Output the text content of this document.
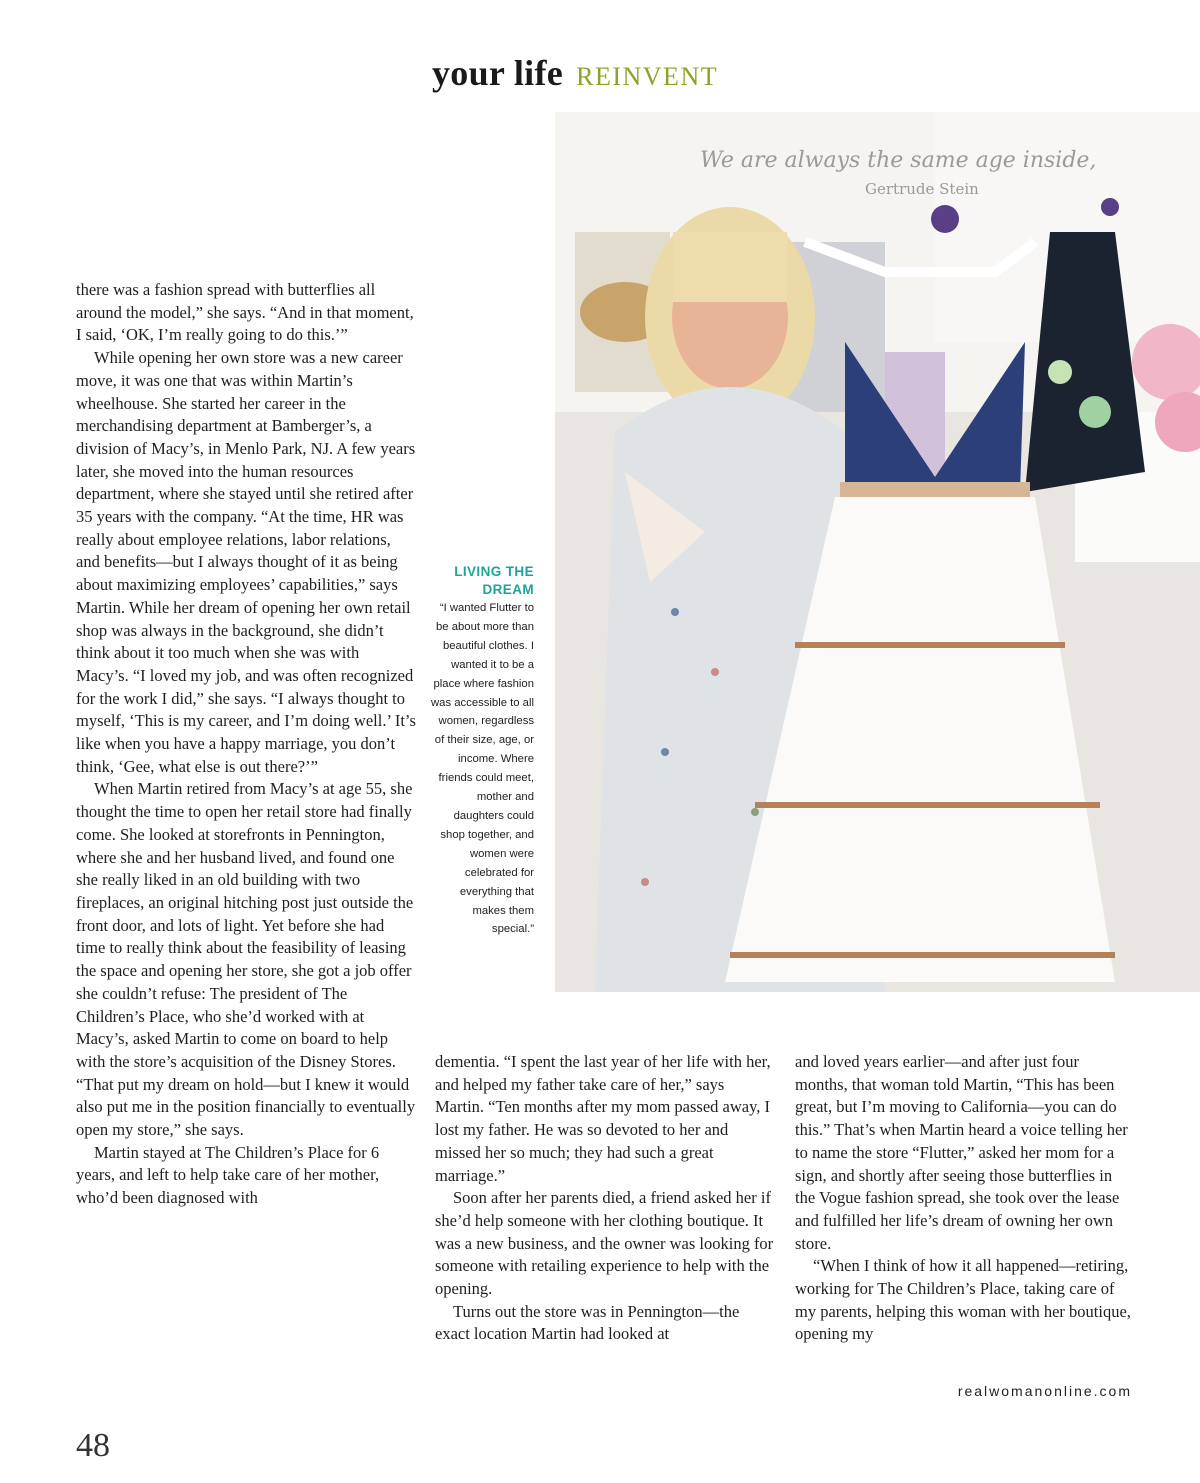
your life REINVENT

there was a fashion spread with butterflies all around the model,” she says. “And in that moment, I said, ‘OK, I’m really going to do this.’”

While opening her own store was a new career move, it was one that was within Martin’s wheelhouse. She started her career in the merchandising department at Bamberger’s, a division of Macy’s, in Menlo Park, NJ. A few years later, she moved into the human resources department, where she stayed until she retired after 35 years with the company. “At the time, HR was really about employee relations, labor relations, and benefits—but I always thought of it as being about maximizing employees’ capabilities,” says Martin. While her dream of opening her own retail shop was always in the background, she didn’t think about it too much when she was with Macy’s. “I loved my job, and was often recognized for the work I did,” she says. “I always thought to myself, ‘This is my career, and I’m doing well.’ It’s like when you have a happy marriage, you don’t think, ‘Gee, what else is out there?’”

When Martin retired from Macy’s at age 55, she thought the time to open her retail store had finally come. She looked at storefronts in Pennington, where she and her husband lived, and found one she really liked in an old building with two fireplaces, an original hitching post just outside the front door, and lots of light. Yet before she had time to really think about the feasibility of leasing the space and opening her store, she got a job offer she couldn’t refuse: The president of The Children’s Place, who she’d worked with at Macy’s, asked Martin to come on board to help with the store’s acquisition of the Disney Stores. “That put my dream on hold—but I knew it would also put me in the position financially to eventually open my store,” she says.

Martin stayed at The Children’s Place for 6 years, and left to help take care of her mother, who’d been diagnosed with

We are always the same age inside,
Gertrude Stein
LIVING THE DREAM
“I wanted Flutter to be about more than beautiful clothes. I wanted it to be a place where fashion was accessible to all women, regardless of their size, age, or income. Where friends could meet, mother and daughters could shop together, and women were celebrated for everything that makes them special.”

dementia. “I spent the last year of her life with her, and helped my father take care of her,” says Martin. “Ten months after my mom passed away, I lost my father. He was so devoted to her and missed her so much; they had such a great marriage.”

Soon after her parents died, a friend asked her if she’d help someone with her clothing boutique. It was a new business, and the owner was looking for someone with retailing experience to help with the opening.

Turns out the store was in Pennington—the exact location Martin had looked at

and loved years earlier—and after just four months, that woman told Martin, “This has been great, but I’m moving to California—you can do this.” That’s when Martin heard a voice telling her to name the store “Flutter,” asked her mom for a sign, and shortly after seeing those butterflies in the Vogue fashion spread, she took over the lease and fulfilled her life’s dream of owning her own store.

“When I think of how it all happened—retiring, working for The Children’s Place, taking care of my parents, helping this woman with her boutique, opening my

48
realwomanonline.com
